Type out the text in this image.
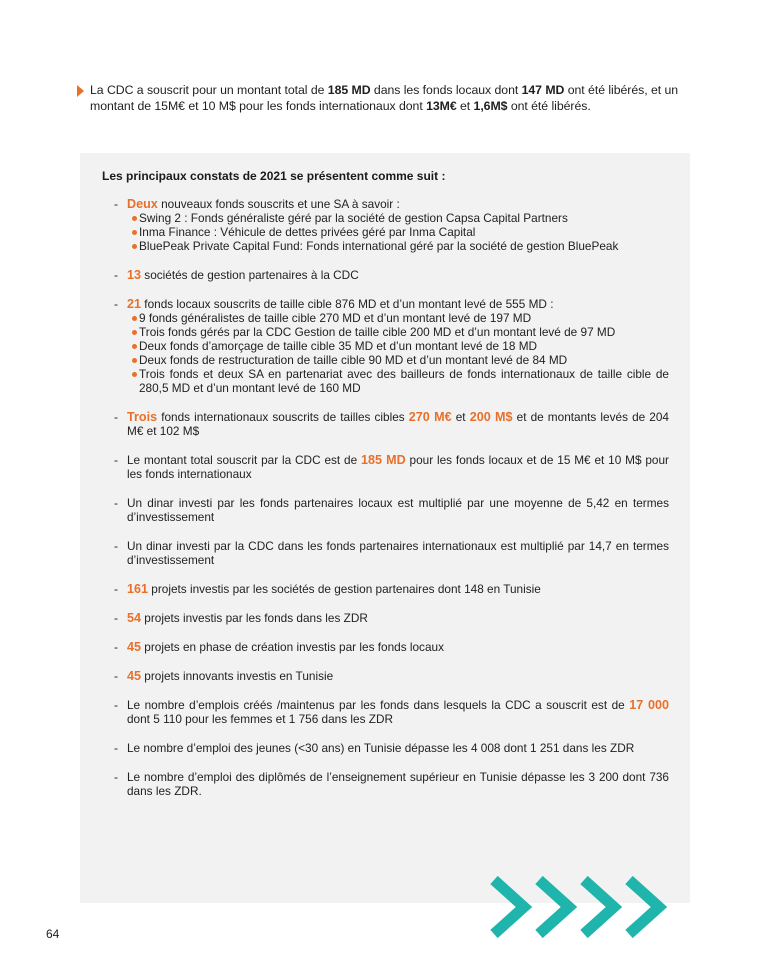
La CDC a souscrit pour un montant total de 185 MD dans les fonds locaux dont 147 MD ont été libérés, et un montant de 15M€ et 10 M$ pour les fonds internationaux dont 13M€ et 1,6M$ ont été libérés.

Les principaux constats de 2021 se présentent comme suit :
- Deux nouveaux fonds souscrits et une SA à savoir :
Swing 2 : Fonds généraliste géré par la société de gestion Capsa Capital Partners
Inma Finance : Véhicule de dettes privées géré par Inma Capital
BluePeak Private Capital Fund: Fonds international géré par la société de gestion BluePeak
- 13 sociétés de gestion partenaires à la CDC
- 21 fonds locaux souscrits de taille cible 876 MD et d’un montant levé de 555 MD :
9 fonds généralistes de taille cible 270 MD et d’un montant levé de 197 MD
Trois fonds gérés par la CDC Gestion de taille cible 200 MD et d’un montant levé de 97 MD
Deux fonds d’amorçage de taille cible 35 MD et d’un montant levé de 18 MD
Deux fonds de restructuration de taille cible 90 MD et d’un montant levé de 84 MD
Trois fonds et deux SA en partenariat avec des bailleurs de fonds internationaux de taille cible de 280,5 MD et d’un montant levé de 160 MD
- Trois fonds internationaux souscrits de tailles cibles 270 M€ et 200 M$ et de montants levés de 204 M€ et 102 M$
- Le montant total souscrit par la CDC est de 185 MD pour les fonds locaux et de 15 M€ et 10 M$ pour les fonds internationaux
- Un dinar investi par les fonds partenaires locaux est multiplié par une moyenne de 5,42 en termes d’investissement
- Un dinar investi par la CDC dans les fonds partenaires internationaux est multiplié par 14,7 en termes d’investissement
- 161 projets investis par les sociétés de gestion partenaires dont 148 en Tunisie
- 54 projets investis par les fonds dans les ZDR
- 45 projets en phase de création investis par les fonds locaux
- 45 projets innovants investis en Tunisie
- Le nombre d’emplois créés /maintenus par les fonds dans lesquels la CDC a souscrit est de 17 000 dont 5 110 pour les femmes et 1 756 dans les ZDR
- Le nombre d’emploi des jeunes (<30 ans) en Tunisie dépasse les 4 008 dont 1 251 dans les ZDR
- Le nombre d’emploi des diplômés de l’enseignement supérieur en Tunisie dépasse les 3 200 dont 736 dans les ZDR.
64
